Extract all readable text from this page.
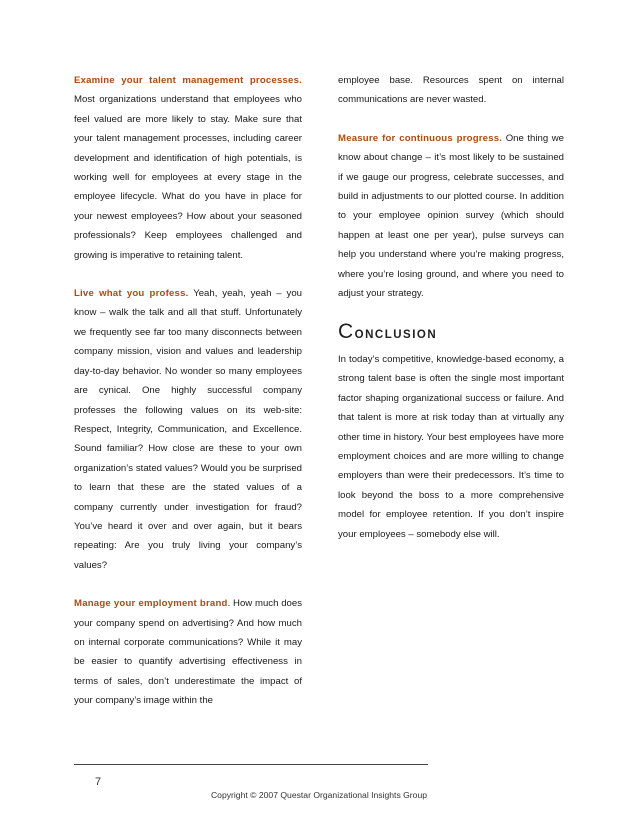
Examine your talent management processes. Most organizations understand that employees who feel valued are more likely to stay. Make sure that your talent management processes, including career development and identification of high potentials, is working well for employees at every stage in the employee lifecycle. What do you have in place for your newest employees? How about your seasoned professionals? Keep employees challenged and growing is imperative to retaining talent.

Live what you profess. Yeah, yeah, yeah – you know – walk the talk and all that stuff. Unfortunately we frequently see far too many disconnects between company mission, vision and values and leadership day-to-day behavior. No wonder so many employees are cynical. One highly successful company professes the following values on its web-site: Respect, Integrity, Communication, and Excellence. Sound familiar? How close are these to your own organization’s stated values? Would you be surprised to learn that these are the stated values of a company currently under investigation for fraud? You’ve heard it over and over again, but it bears repeating: Are you truly living your company’s values?

Manage your employment brand. How much does your company spend on advertising? And how much on internal corporate communications? While it may be easier to quantify advertising effectiveness in terms of sales, don’t underestimate the impact of your company’s image within the

employee base. Resources spent on internal communications are never wasted.

Measure for continuous progress. One thing we know about change – it’s most likely to be sustained if we gauge our progress, celebrate successes, and build in adjustments to our plotted course. In addition to your employee opinion survey (which should happen at least one per year), pulse surveys can help you understand where you’re making progress, where you’re losing ground, and where you need to adjust your strategy.

CONCLUSION

In today’s competitive, knowledge-based economy, a strong talent base is often the single most important factor shaping organizational success or failure. And that talent is more at risk today than at virtually any other time in history. Your best employees have more employment choices and are more willing to change employers than were their predecessors. It’s time to look beyond the boss to a more comprehensive model for employee retention. If you don’t inspire your employees – somebody else will.

7
Copyright © 2007 Questar Organizational Insights Group
